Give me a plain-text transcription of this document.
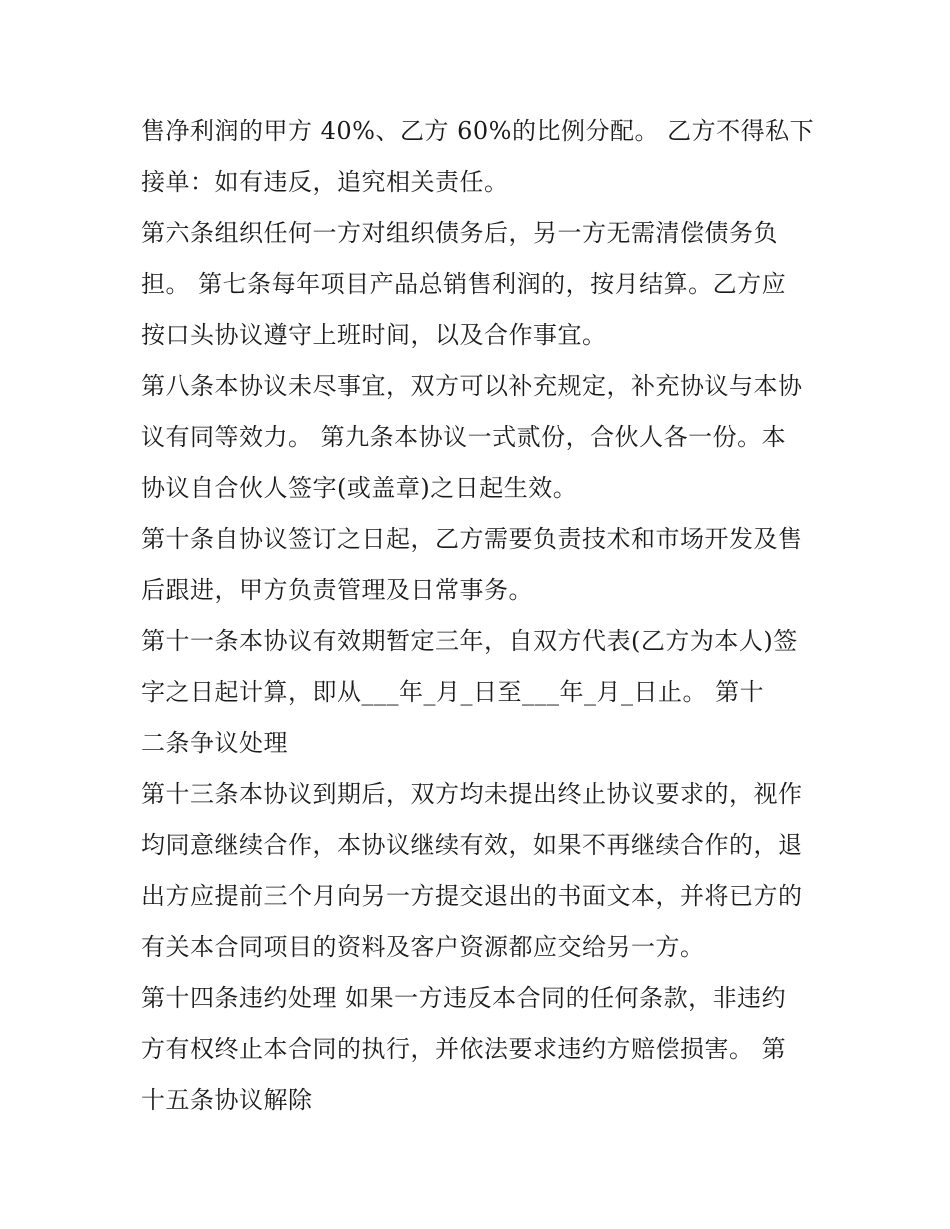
售净利润的甲方 40%、乙方 60%的比例分配。 乙方不得私下
接单：如有违反，追究相关责任。
第六条组织任何一方对组织债务后，另一方无需清偿债务负
担。 第七条每年项目产品总销售利润的，按月结算。乙方应
按口头协议遵守上班时间，以及合作事宜。
第八条本协议未尽事宜，双方可以补充规定，补充协议与本协
议有同等效力。 第九条本协议一式贰份，合伙人各一份。本
协议自合伙人签字(或盖章)之日起生效。
第十条自协议签订之日起，乙方需要负责技术和市场开发及售
后跟进，甲方负责管理及日常事务。
第十一条本协议有效期暂定三年，自双方代表(乙方为本人)签
字之日起计算，即从___年_月_日至___年_月_日止。 第十
二条争议处理
第十三条本协议到期后，双方均未提出终止协议要求的，视作
均同意继续合作，本协议继续有效，如果不再继续合作的，退
出方应提前三个月向另一方提交退出的书面文本，并将已方的
有关本合同项目的资料及客户资源都应交给另一方。
第十四条违约处理 如果一方违反本合同的任何条款，非违约
方有权终止本合同的执行，并依法要求违约方赔偿损害。 第
十五条协议解除
